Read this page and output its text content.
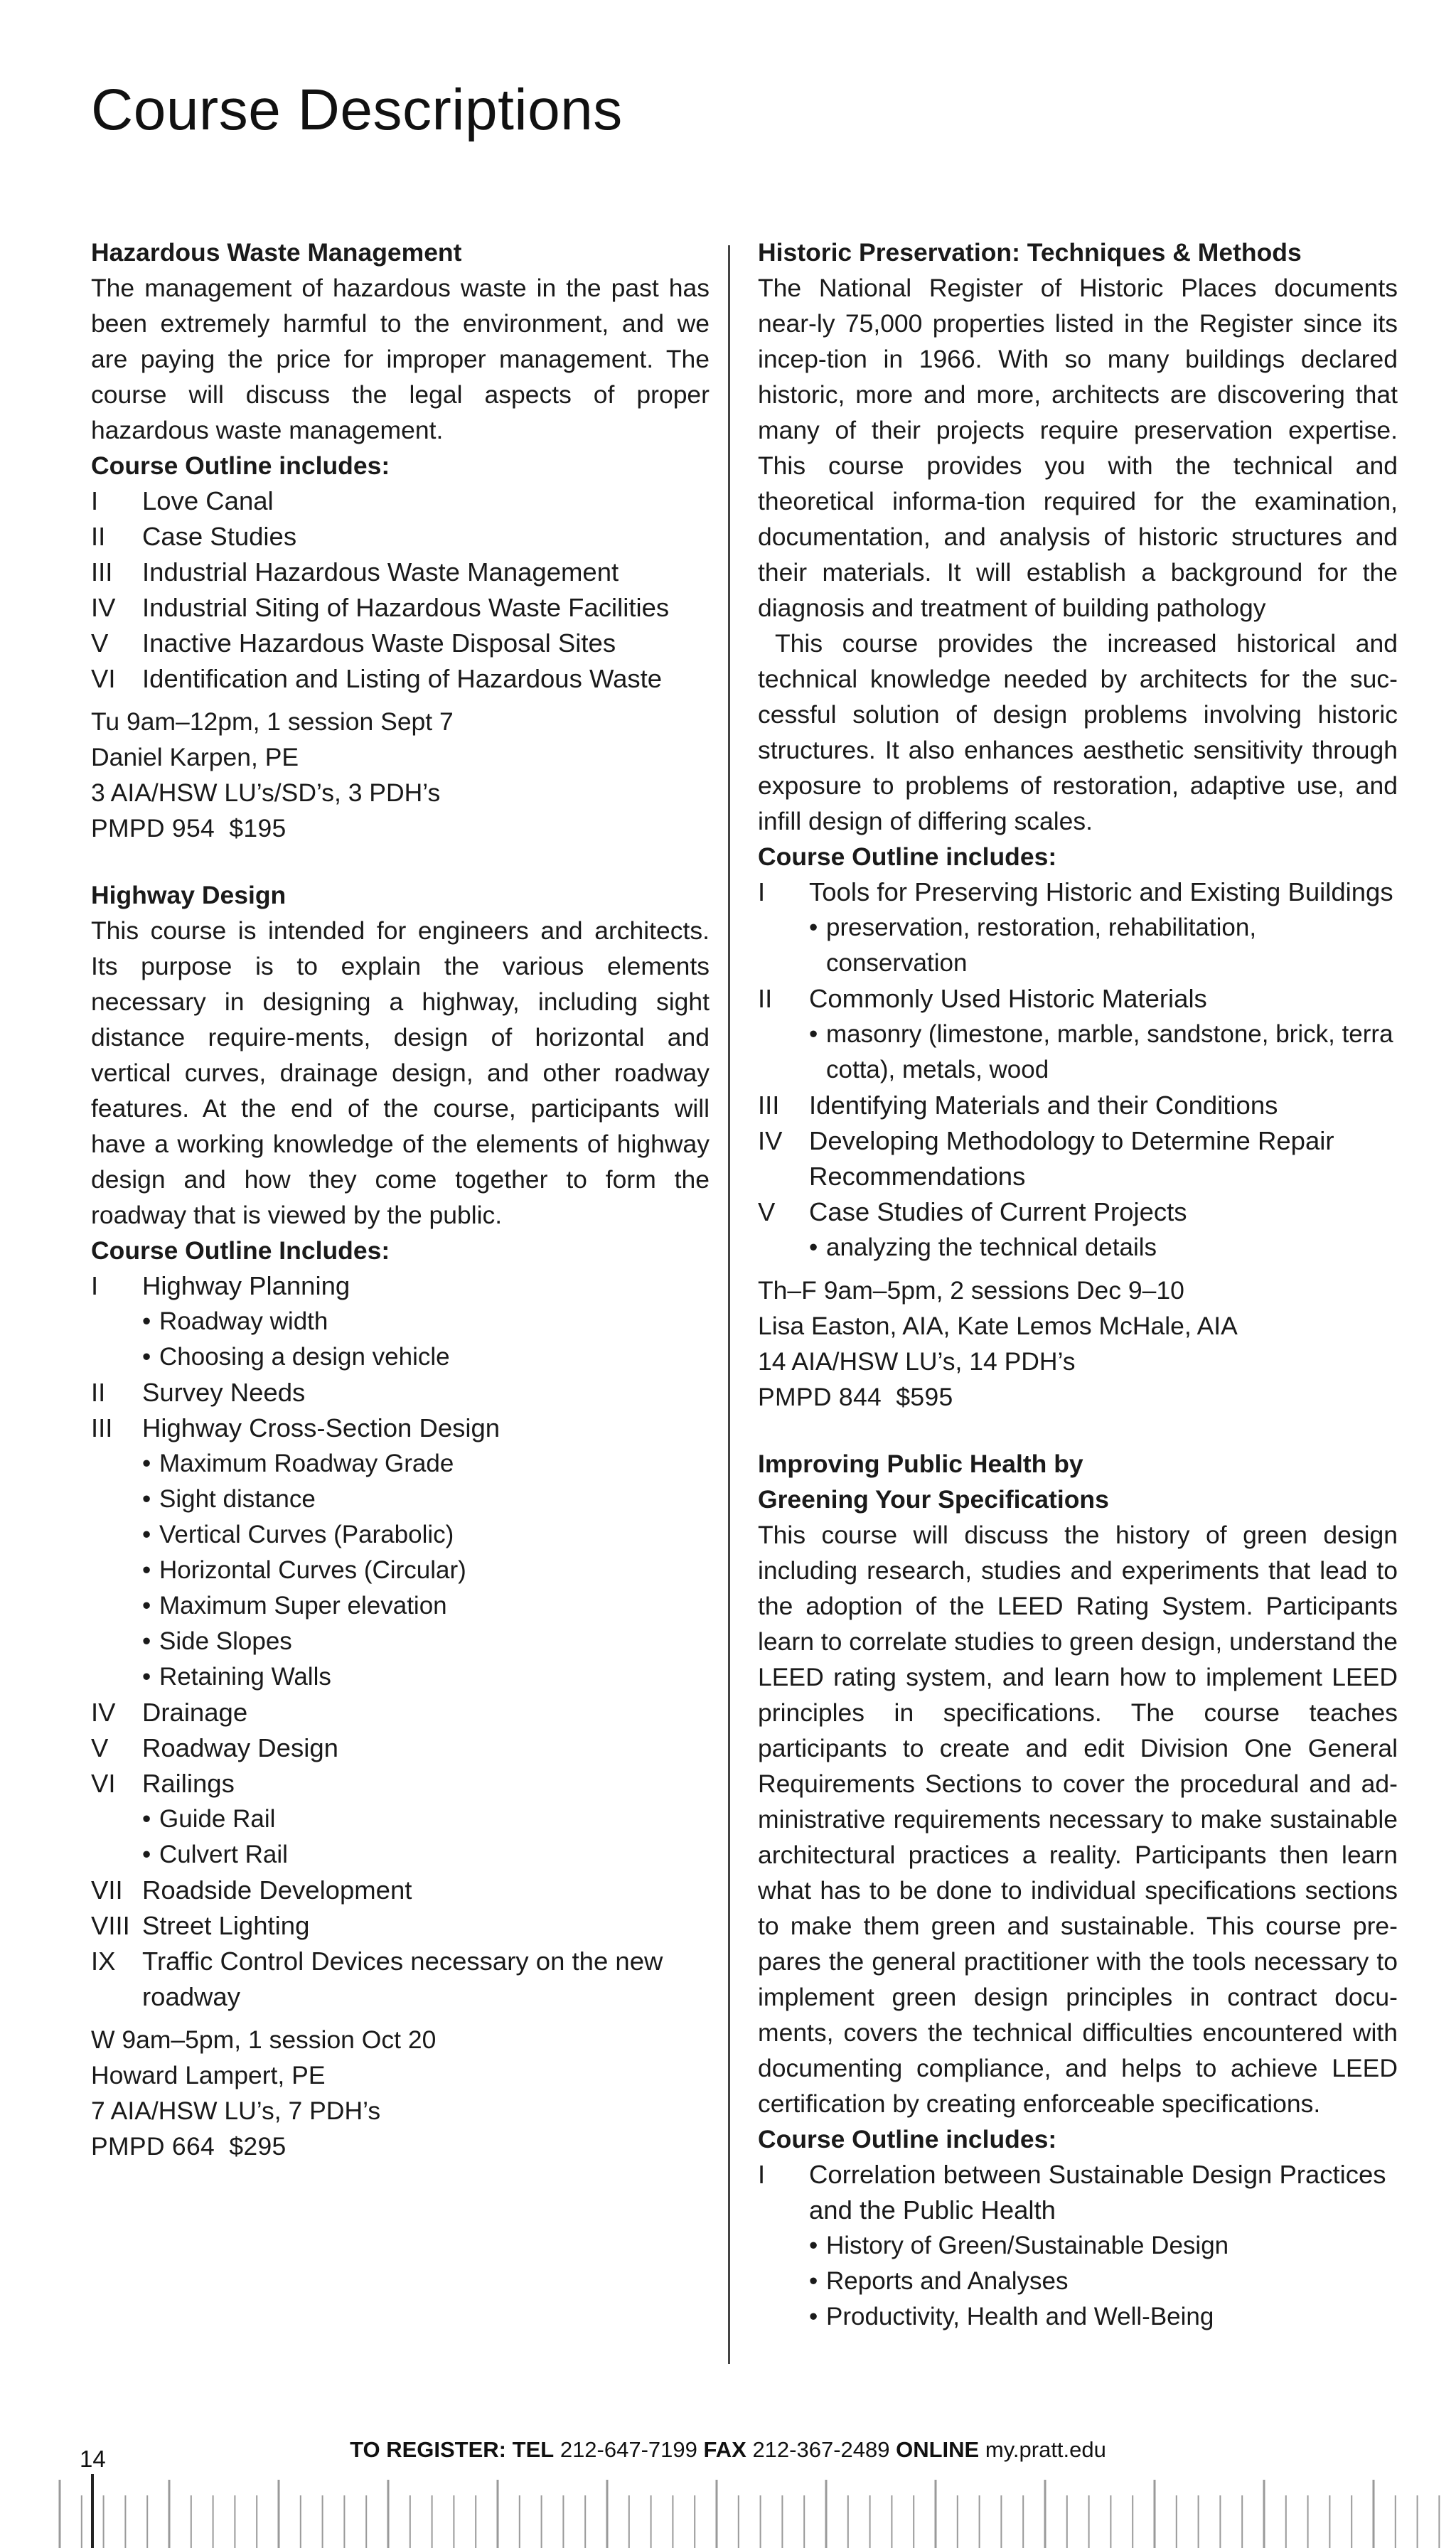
Course Descriptions

Hazardous Waste Management

The management of hazardous waste in the past has been extremely harmful to the environment, and we are paying the price for improper management. The course will discuss the legal aspects of proper hazardous waste management.

Course Outline includes:

I Love Canal
II Case Studies
III Industrial Hazardous Waste Management
IV Industrial Siting of Hazardous Waste Facilities
V Inactive Hazardous Waste Disposal Sites
VI Identification and Listing of Hazardous Waste
Tu 9am–12pm, 1 session Sept 7
Daniel Karpen, PE
3 AIA/HSW LU’s/SD’s, 3 PDH’s
PMPD 954  $195

Highway Design

This course is intended for engineers and architects. Its purpose is to explain the various elements necessary in designing a highway, including sight distance require-ments, design of horizontal and vertical curves, drainage design, and other roadway features. At the end of the course, participants will have a working knowledge of the elements of highway design and how they come together to form the roadway that is viewed by the public.

Course Outline Includes:

I Highway Planning
• Roadway width
• Choosing a design vehicle
II Survey Needs
III Highway Cross-Section Design
• Maximum Roadway Grade
• Sight distance
• Vertical Curves (Parabolic)
• Horizontal Curves (Circular)
• Maximum Super elevation
• Side Slopes
• Retaining Walls
IV Drainage
V Roadway Design
VI Railings
• Guide Rail
• Culvert Rail
VII Roadside Development
VIII Street Lighting
IX Traffic Control Devices necessary on the new roadway
W 9am–5pm, 1 session Oct 20
Howard Lampert, PE
7 AIA/HSW LU’s, 7 PDH’s
PMPD 664  $295

Historic Preservation: Techniques & Methods

The National Register of Historic Places documents near-ly 75,000 properties listed in the Register since its incep-tion in 1966. With so many buildings declared historic, more and more, architects are discovering that many of their projects require preservation expertise. This course provides you with the technical and theoretical informa-tion required for the examination, documentation, and analysis of historic structures and their materials. It will establish a background for the diagnosis and treatment of building pathology

This course provides the increased historical and technical knowledge needed by architects for the suc-cessful solution of design problems involving historic structures. It also enhances aesthetic sensitivity through exposure to problems of restoration, adaptive use, and infill design of differing scales.

Course Outline includes:

I Tools for Preserving Historic and Existing Buildings
• preservation, restoration, rehabilitation, conservation
II Commonly Used Historic Materials
• masonry (limestone, marble, sandstone, brick, terra cotta), metals, wood
III Identifying Materials and their Conditions
IV Developing Methodology to Determine Repair Recommendations
V Case Studies of Current Projects
• analyzing the technical details
Th–F 9am–5pm, 2 sessions Dec 9–10
Lisa Easton, AIA, Kate Lemos McHale, AIA
14 AIA/HSW LU’s, 14 PDH’s
PMPD 844  $595

Improving Public Health by

Greening Your Specifications

This course will discuss the history of green design including research, studies and experiments that lead to the adoption of the LEED Rating System. Participants learn to correlate studies to green design, understand the LEED rating system, and learn how to implement LEED principles in specifications. The course teaches participants to create and edit Division One General Requirements Sections to cover the procedural and ad-ministrative requirements necessary to make sustainable architectural practices a reality. Participants then learn what has to be done to individual specifications sections to make them green and sustainable. This course pre-pares the general practitioner with the tools necessary to implement green design principles in contract docu-ments, covers the technical difficulties encountered with documenting compliance, and helps to achieve LEED certification by creating enforceable specifications.

Course Outline includes:

I Correlation between Sustainable Design Practices and the Public Health
• History of Green/Sustainable Design
• Reports and Analyses
• Productivity, Health and Well-Being
TO REGISTER: TEL 212-647-7199 FAX 212-367-2489 ONLINE my.pratt.edu
14
